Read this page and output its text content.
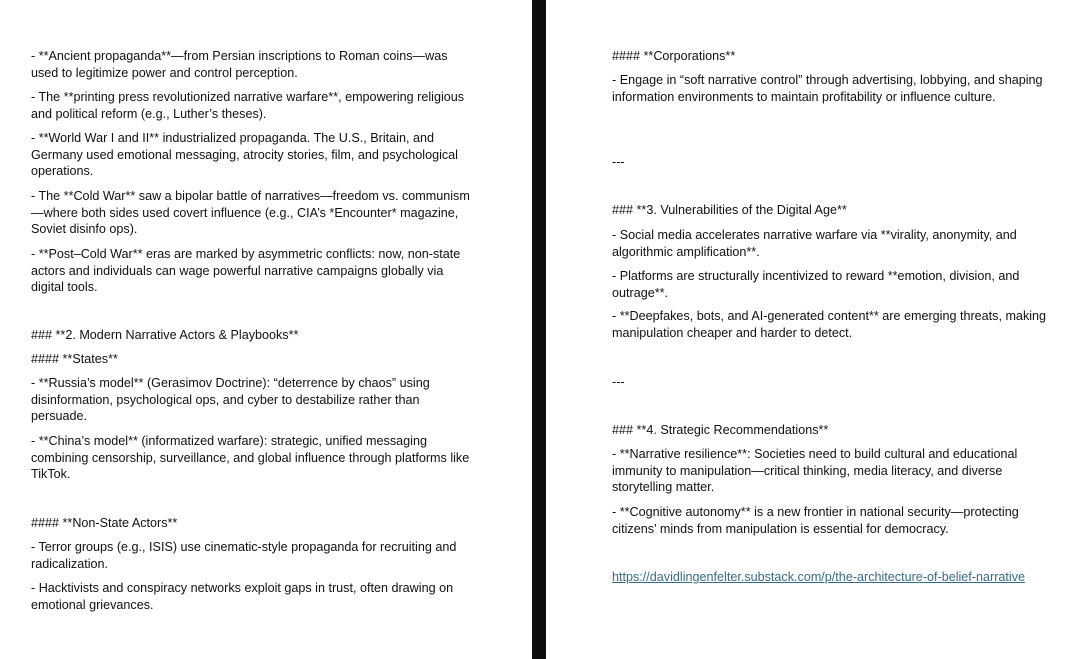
- **Ancient propaganda**—from Persian inscriptions to Roman coins—was used to legitimize power and control perception.

- The **printing press revolutionized narrative warfare**, empowering religious and political reform (e.g., Luther’s theses).

- **World War I and II** industrialized propaganda. The U.S., Britain, and Germany used emotional messaging, atrocity stories, film, and psychological operations.

- The **Cold War** saw a bipolar battle of narratives—freedom vs. communism—where both sides used covert influence (e.g., CIA’s *Encounter* magazine, Soviet disinfo ops).

- **Post–Cold War** eras are marked by asymmetric conflicts: now, non-state actors and individuals can wage powerful narrative campaigns globally via digital tools.

### **2. Modern Narrative Actors & Playbooks**

#### **States**

- **Russia’s model** (Gerasimov Doctrine): “deterrence by chaos” using disinformation, psychological ops, and cyber to destabilize rather than persuade.

- **China’s model** (informatized warfare): strategic, unified messaging combining censorship, surveillance, and global influence through platforms like TikTok.

#### **Non-State Actors**

- Terror groups (e.g., ISIS) use cinematic-style propaganda for recruiting and radicalization.

- Hacktivists and conspiracy networks exploit gaps in trust, often drawing on emotional grievances.

#### **Corporations**

- Engage in “soft narrative control” through advertising, lobbying, and shaping information environments to maintain profitability or influence culture.

---

### **3. Vulnerabilities of the Digital Age**

- Social media accelerates narrative warfare via **virality, anonymity, and algorithmic amplification**.

- Platforms are structurally incentivized to reward **emotion, division, and outrage**.

- **Deepfakes, bots, and AI-generated content** are emerging threats, making manipulation cheaper and harder to detect.

---

### **4. Strategic Recommendations**

- **Narrative resilience**: Societies need to build cultural and educational immunity to manipulation—critical thinking, media literacy, and diverse storytelling matter.

- **Cognitive autonomy** is a new frontier in national security—protecting citizens’ minds from manipulation is essential for democracy.

https://davidlingenfelter.substack.com/p/the-architecture-of-belief-narrative
